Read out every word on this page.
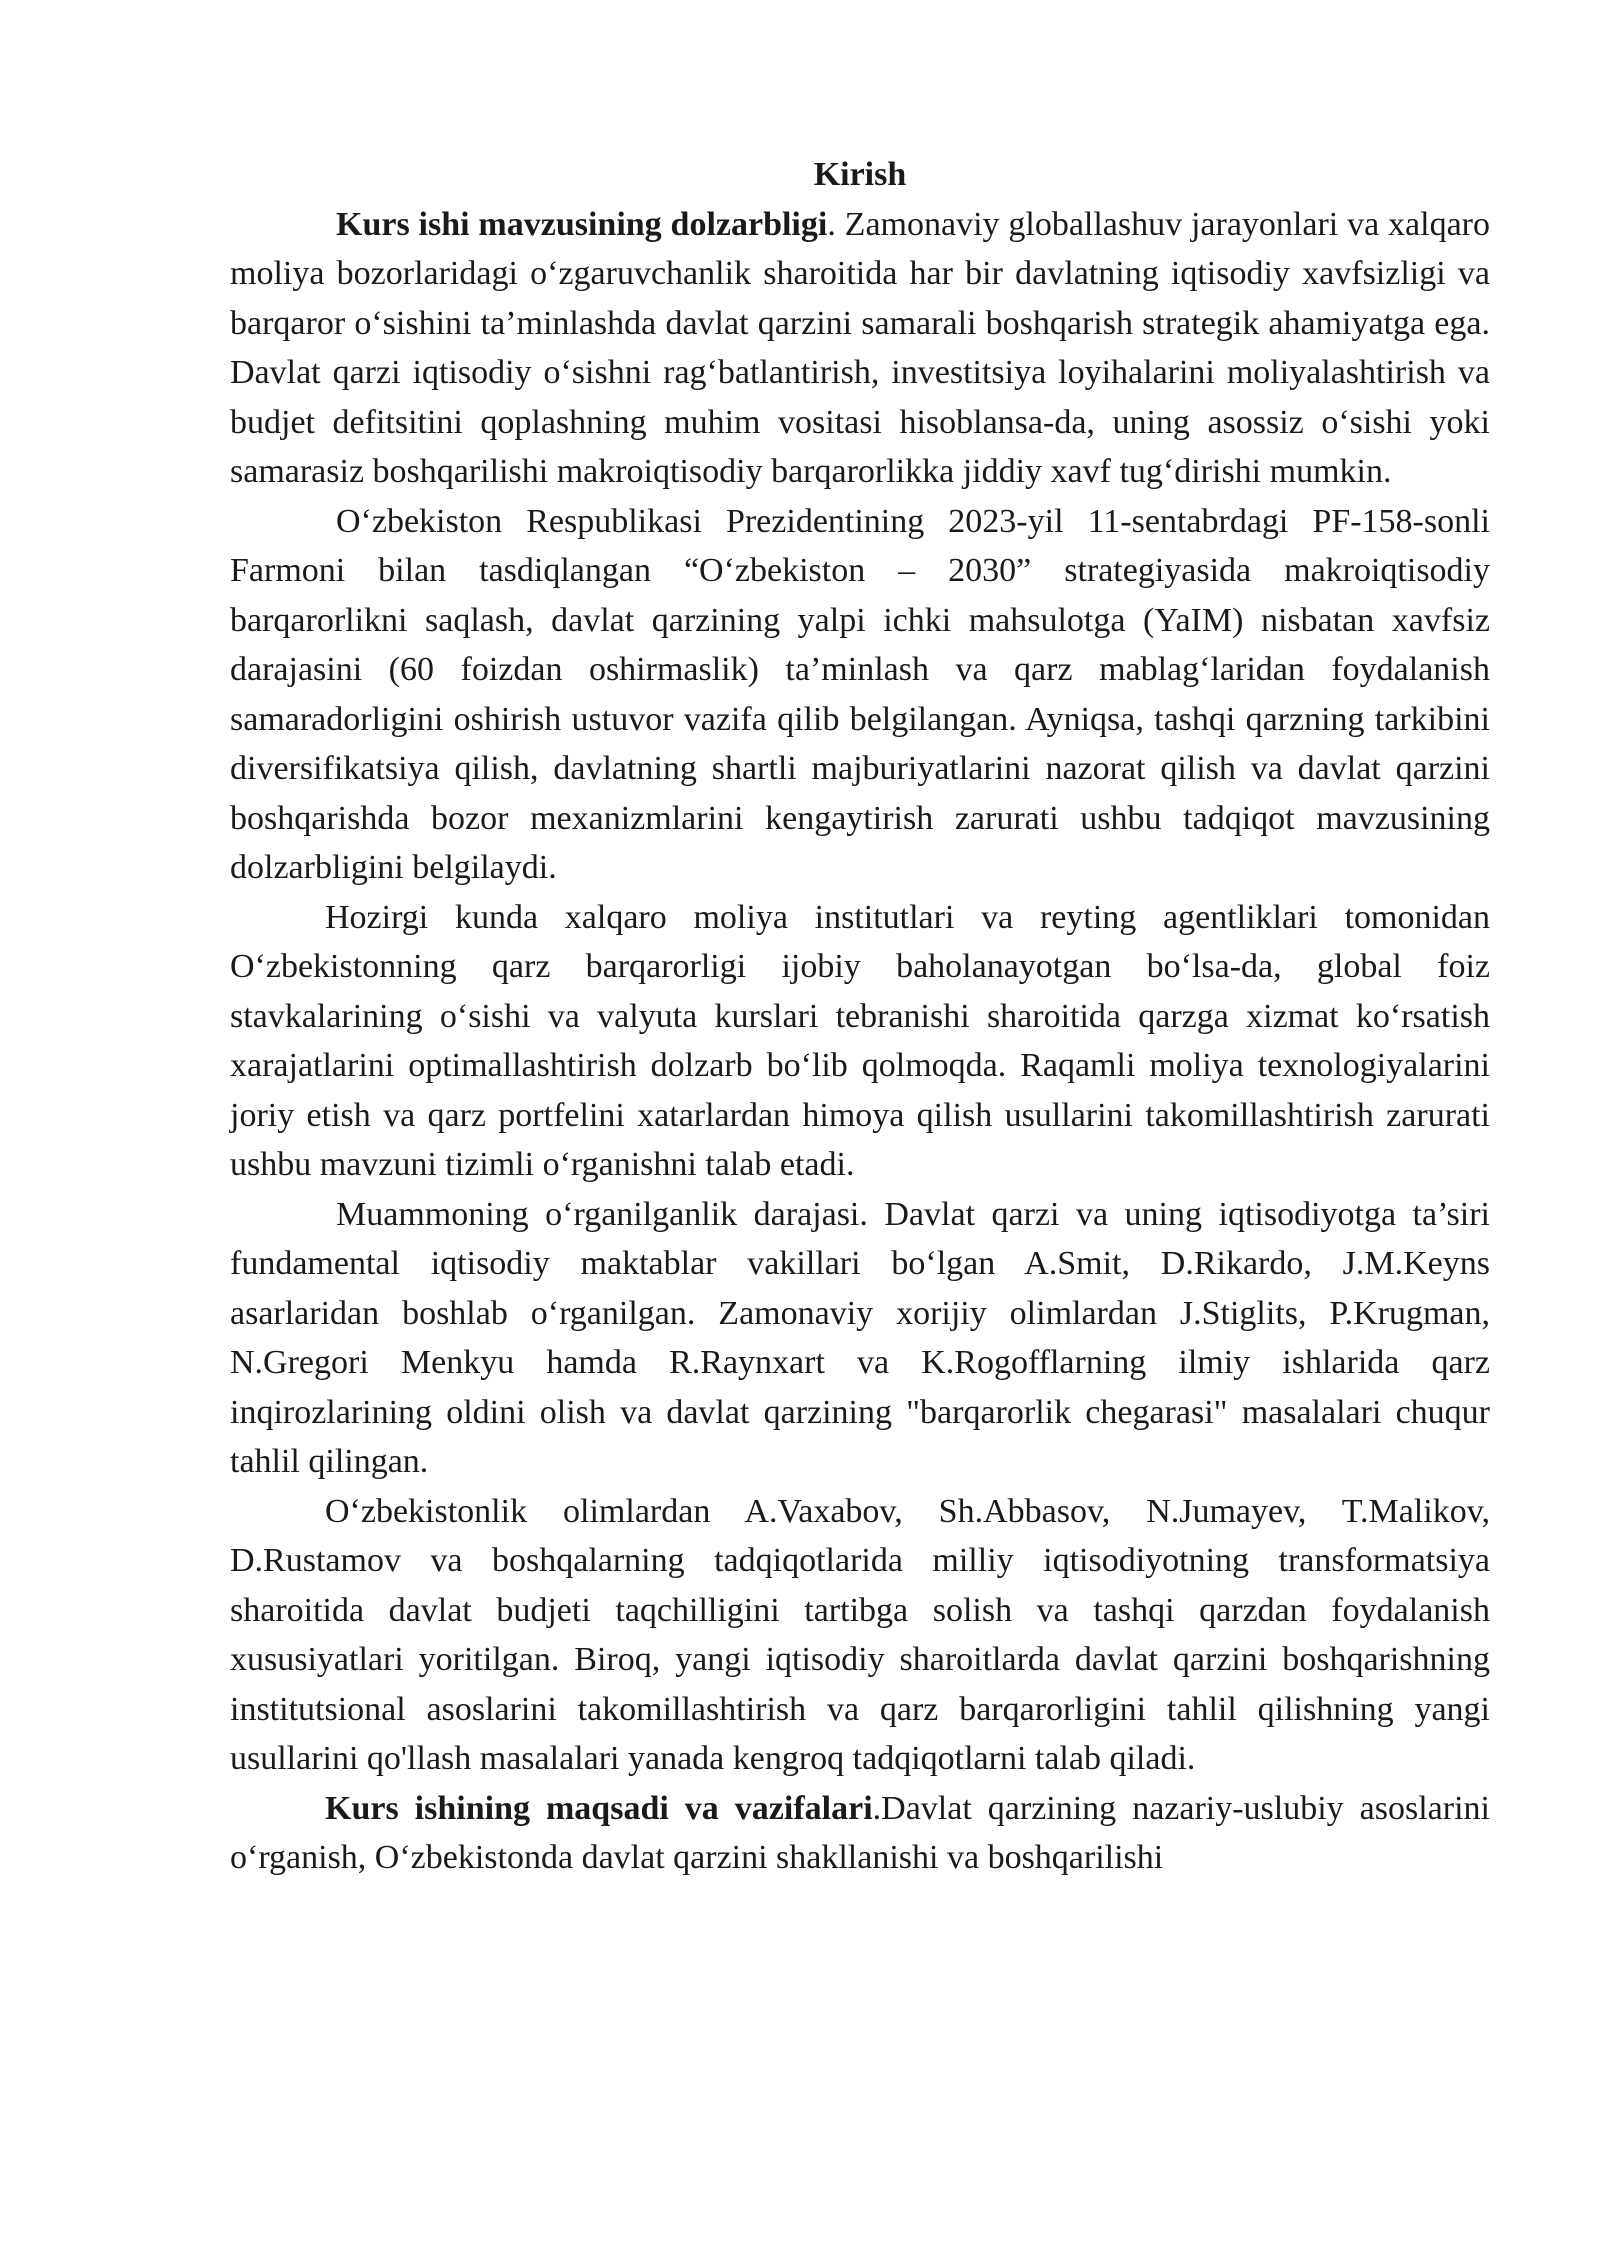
Kirish

Kurs ishi mavzusining dolzarbligi. Zamonaviy globallashuv jarayonlari va xalqaro moliya bozorlaridagi o‘zgaruvchanlik sharoitida har bir davlatning iqtisodiy xavfsizligi va barqaror o‘sishini ta’minlashda davlat qarzini samarali boshqarish strategik ahamiyatga ega. Davlat qarzi iqtisodiy o‘sishni rag‘batlantirish, investitsiya loyihalarini moliyalashtirish va budjet defitsitini qoplashning muhim vositasi hisoblansa-da, uning asossiz o‘sishi yoki samarasiz boshqarilishi makroiqtisodiy barqarorlikka jiddiy xavf tug‘dirishi mumkin.

O‘zbekiston Respublikasi Prezidentining 2023-yil 11-sentabrdagi PF-158-sonli Farmoni bilan tasdiqlangan “O‘zbekiston – 2030” strategiyasida makroiqtisodiy barqarorlikni saqlash, davlat qarzining yalpi ichki mahsulotga (YaIM) nisbatan xavfsiz darajasini (60 foizdan oshirmaslik) ta’minlash va qarz mablag‘laridan foydalanish samaradorligini oshirish ustuvor vazifa qilib belgilangan. Ayniqsa, tashqi qarzning tarkibini diversifikatsiya qilish, davlatning shartli majburiyatlarini nazorat qilish va davlat qarzini boshqarishda bozor mexanizmlarini kengaytirish zarurati ushbu tadqiqot mavzusining dolzarbligini belgilaydi.

Hozirgi kunda xalqaro moliya institutlari va reyting agentliklari tomonidan O‘zbekistonning qarz barqarorligi ijobiy baholanayotgan bo‘lsa-da, global foiz stavkalarining o‘sishi va valyuta kurslari tebranishi sharoitida qarzga xizmat ko‘rsatish xarajatlarini optimallashtirish dolzarb bo‘lib qolmoqda. Raqamli moliya texnologiyalarini joriy etish va qarz portfelini xatarlardan himoya qilish usullarini takomillashtirish zarurati ushbu mavzuni tizimli o‘rganishni talab etadi.

Muammoning o‘rganilganlik darajasi. Davlat qarzi va uning iqtisodiyotga ta’siri fundamental iqtisodiy maktablar vakillari bo‘lgan A.Smit, D.Rikardo, J.M.Keyns asarlaridan boshlab o‘rganilgan. Zamonaviy xorijiy olimlardan J.Stiglits, P.Krugman, N.Gregori Menkyu hamda R.Raynxart va K.Rogofflarning ilmiy ishlarida qarz inqirozlarining oldini olish va davlat qarzining "barqarorlik chegarasi" masalalari chuqur tahlil qilingan.

O‘zbekistonlik olimlardan A.Vaxabov, Sh.Abbasov, N.Jumayev, T.Malikov, D.Rustamov va boshqalarning tadqiqotlarida milliy iqtisodiyotning transformatsiya sharoitida davlat budjeti taqchilligini tartibga solish va tashqi qarzdan foydalanish xususiyatlari yoritilgan. Biroq, yangi iqtisodiy sharoitlarda davlat qarzini boshqarishning institutsional asoslarini takomillashtirish va qarz barqarorligini tahlil qilishning yangi usullarini qo'llash masalalari yanada kengroq tadqiqotlarni talab qiladi.

Kurs ishining maqsadi va vazifalari.Davlat qarzining nazariy-uslubiy asoslarini o‘rganish, O‘zbekistonda davlat qarzini shakllanishi va boshqarilishi
